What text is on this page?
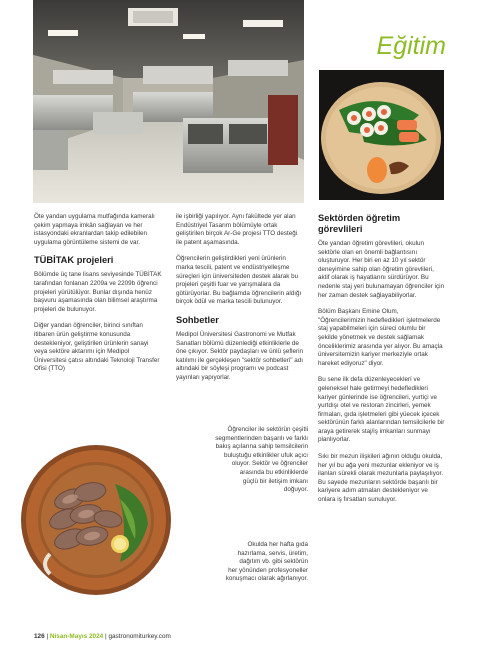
Eğitim

Öte yandan uygulama mutfağında kameralı çekim yapmaya imkân sağlayan ve her istasyondaki ekranlardan takip edilebilen uygulama görüntüleme sistemi de var.

TÜBİTAK projeleri

Bölümde üç tane lisans seviyesinde TÜBİTAK tarafından fonlanan 2209a ve 2209b öğrenci projeleri yürütülüyor. Bunlar dışında henüz başvuru aşamasında olan bilimsel araştırma projeleri de bulunuyor.

Diğer yandan öğrenciler, birinci sınıftan itibaren ürün geliştirme konusunda destekleniyor, geliştirilen ürünlerin sanayi veya sektöre aktarımı için Medipol Üniversitesi çatısı altındaki Teknoloji Transfer Ofisi (TTO)

ile işbirliği yapılıyor. Aynı fakültede yer alan Endüstriyel Tasarım bölümüyle ortak geliştirilen birçok Ar-Ge projesi TTO desteği ile patent aşamasında.

Öğrencilerin geliştirdikleri yeni ürünlerin marka tescili, patent ve endüstriyelleşme süreçleri için üniversiteden destek alarak bu projeleri çeşitli fuar ve yarışmalara da götürüyorlar. Bu bağlamda öğrencilerin aldığı birçok ödül ve marka tescili bulunuyor.

Sohbetler

Medipol Üniversitesi Gastronomi ve Mutfak Sanatları bölümü düzenlediği etkinliklerle de öne çıkıyor. Sektör paydaşları ve ünlü şeflerin katılımı ile gerçekleşen "sektör sohbetleri" adı altındaki bir söyleşi programı ve podcast yayınları yapıyorlar.

Öğrenciler ile sektörün çeşitli
segmentlerinden başarılı ve farklı
bakış açılarına sahip temsilcilerin
buluştuğu etkinlikler ufuk açıcı
oluyor. Sektör ve öğrenciler
arasında bu etkinliklerde
güçlü bir iletişim imkanı
doğuyor.
Okulda her hafta gıda
hazırlama, servis, üretim,
dağıtım vb. gibi sektörün
her yönünden profesyoneller
konuşmacı olarak ağırlanıyor.
Sektörden öğretim görevlileri

Öte yandan öğretim görevlileri, okulun sektörle olan en önemli bağlantısını oluşturuyor. Her biri en az 10 yıl sektör deneyimine sahip olan öğretim görevlileri, aktif olarak iş hayatlarını sürdürüyor. Bu nedenle staj yeri bulunamayan öğrenciler için her zaman destek sağlayabiliyorlar.

Bölüm Başkanı Emine Olum, "Öğrencilerimizin hedeflediklerí işletmelerde staj yapabilmeleri için süreci olumlu bir şekilde yönetmek ve destek sağlamak önceliklerimiz arasında yer alıyor. Bu amaçla üniversitemizin kariyer merkeziyle ortak hareket ediyoruz" diyor.

Bu sene ilk defa düzenleyeceklerí ve geleneksel hale getirmeyi hedefledikleri kariyer günlerinde ise öğrencileri, yurtiçi ve yurtdışı otel ve restoran zincirleri, yemek firmaları, gıda işletmeleri gibi yüecek içecek sektörünün farklı alanlarından temsilcilerle bir araya getirerek staj/iş imkanları sunmayı planlıyorlar.

Sıkı bir mezun ilişkileri ağının olduğu okulda, her yıl bu ağa yeni mezunlar ekleniyor ve iş ilanları sürekli olarak mezunlarla paylaşılıyor. Bu sayede mezunların sektörde başarılı bir kariyere adım atmaları destekleniyor ve onlara iş fırsatları sunuluyor.

126 | Nisan-Mayıs 2024 | gastronomiturkey.com
